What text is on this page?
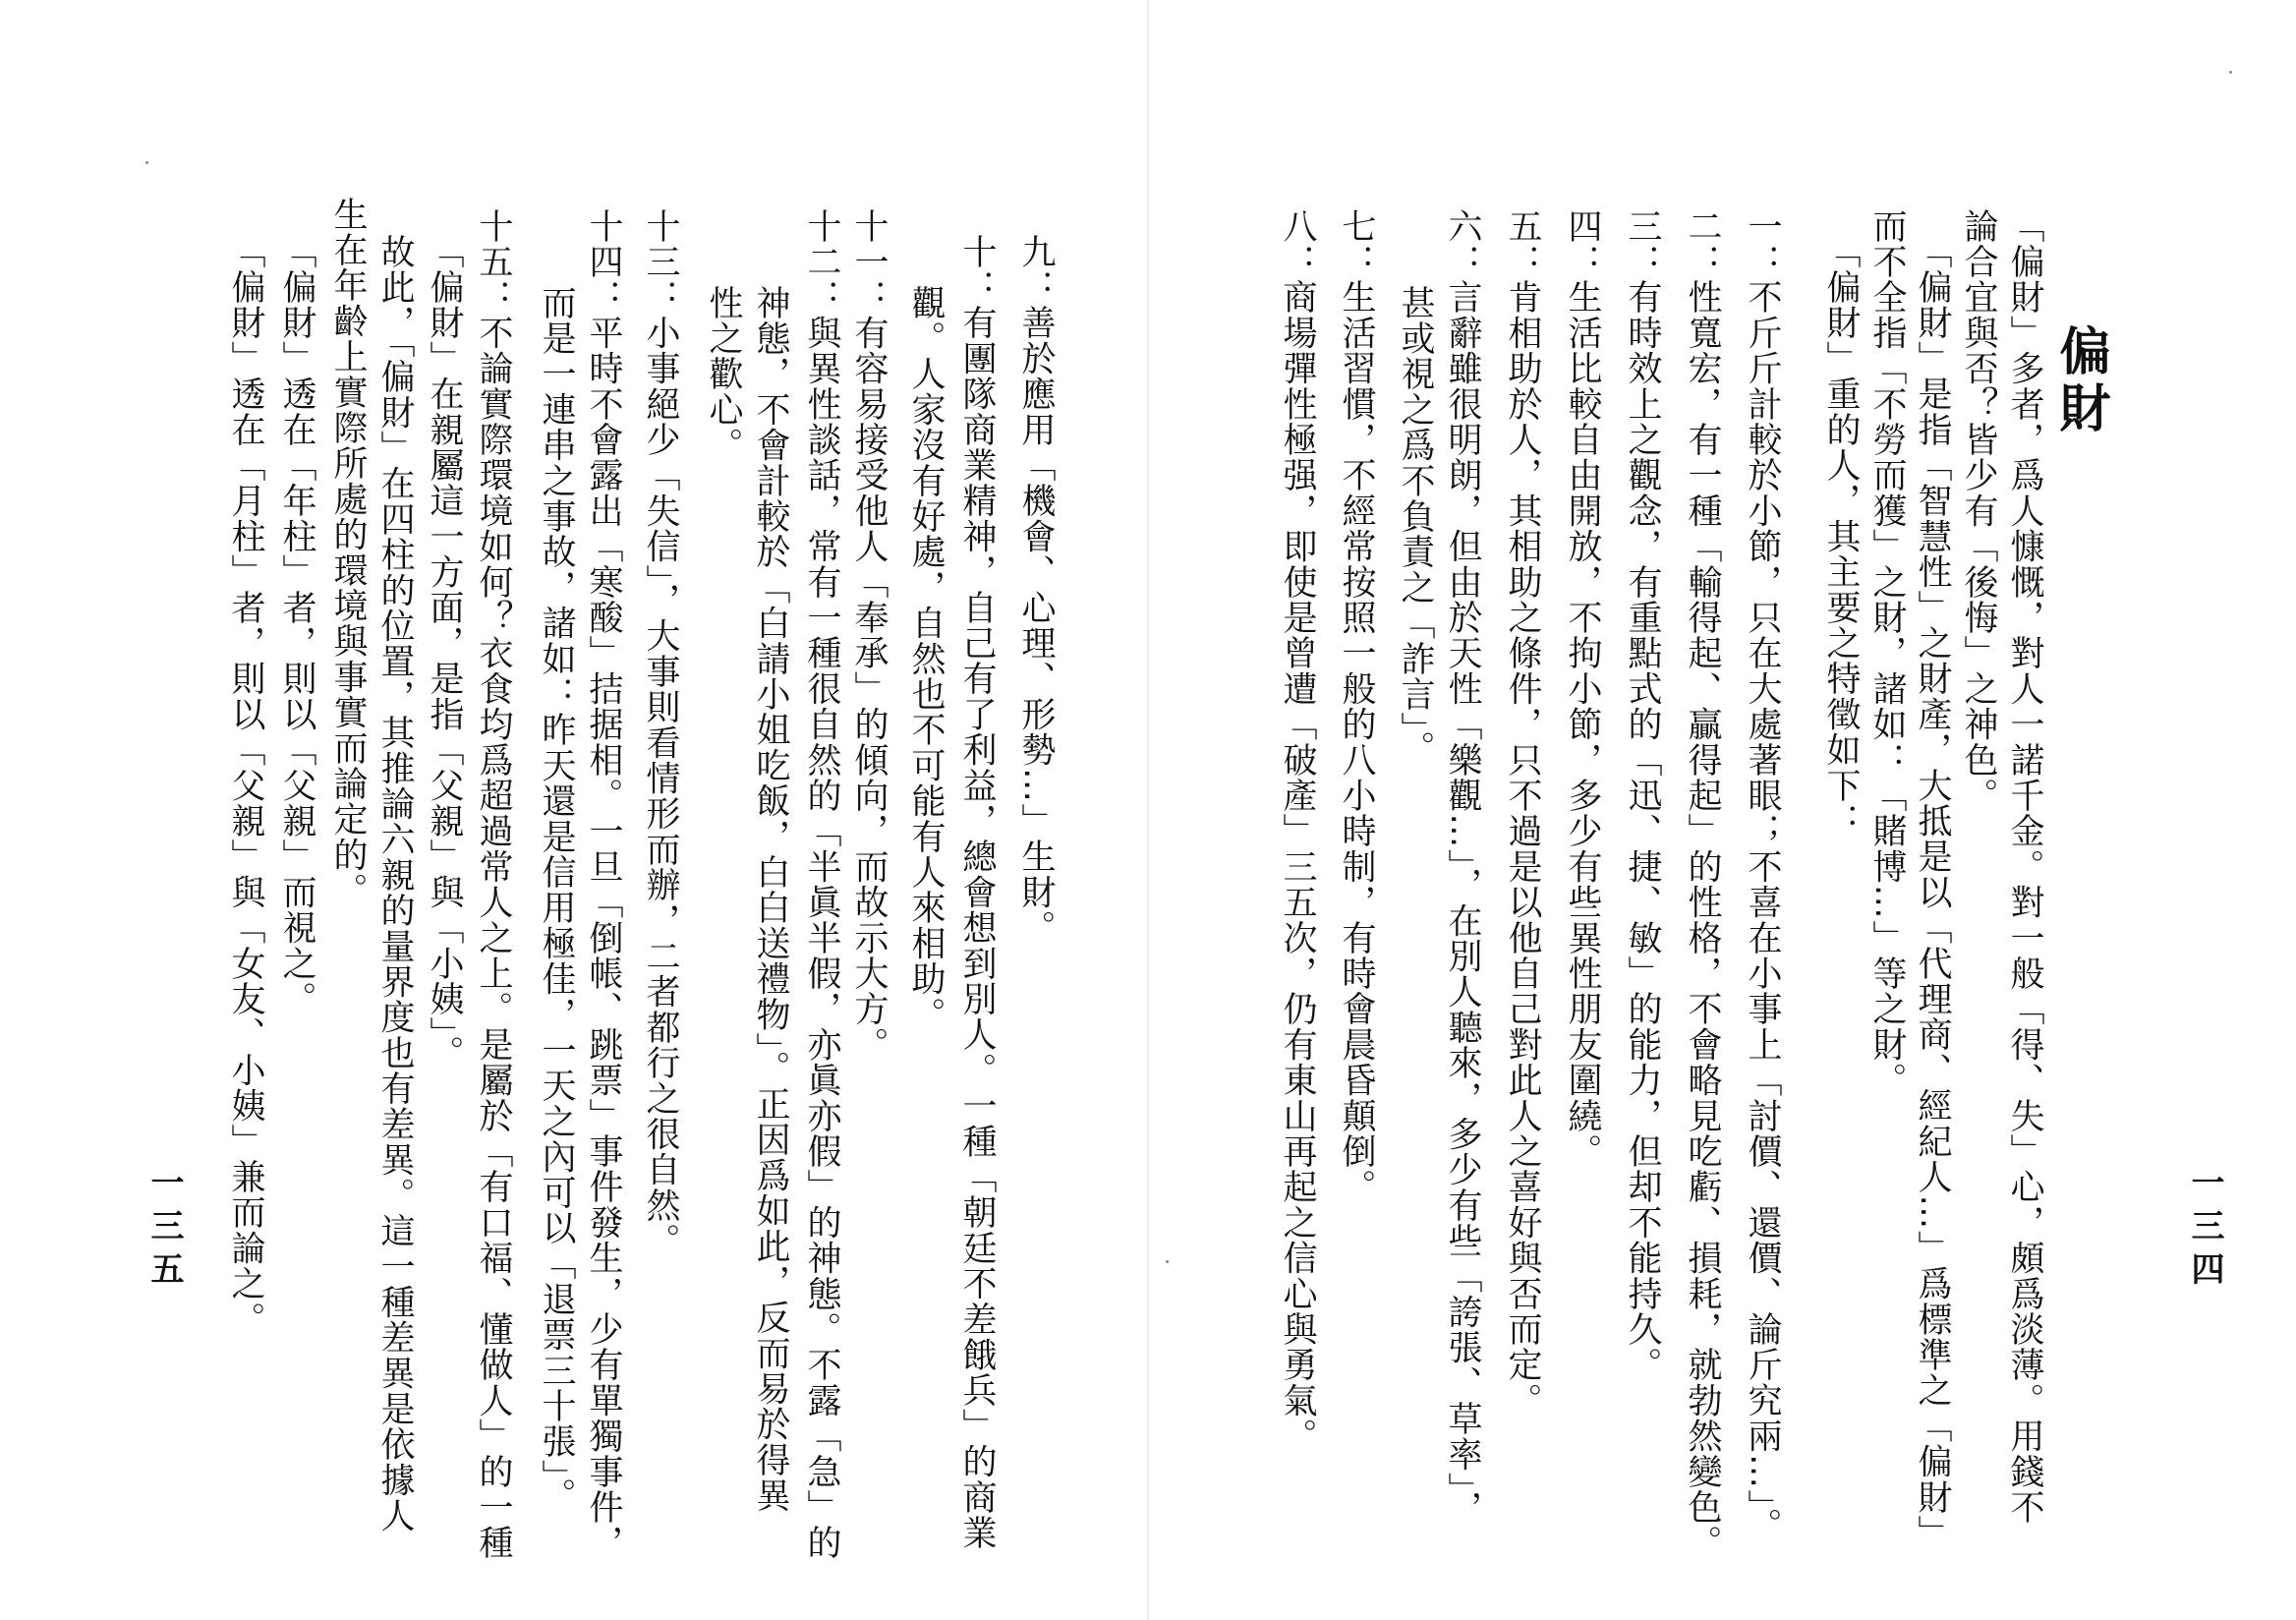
偏財
一三四
「偏財」多者，爲人慷慨，對人一諾千金。對一般「得、失」心，頗爲淡薄。用錢不
論合宜與否？皆少有「後悔」之神色。
「偏財」是指「智慧性」之財產，大抵是以「代理商、經紀人…」爲標準之「偏財」
而不全指「不勞而獲」之財，諸如：「賭博…」等之財。
「偏財」重的人，其主要之特徵如下：
一：不斤斤計較於小節，只在大處著眼；不喜在小事上「討價、還價、論斤究兩…」。
二：性寬宏，有一種「輸得起、贏得起」的性格，不會略見吃虧、損耗，就勃然變色。
三：有時效上之觀念，有重點式的「迅、捷、敏」的能力，但却不能持久。
四：生活比較自由開放，不拘小節，多少有些異性朋友圍繞。
五：肯相助於人，其相助之條件，只不過是以他自己對此人之喜好與否而定。
六：言辭雖很明朗，但由於天性「樂觀…」，在別人聽來，多少有些「誇張、草率」，
甚或視之爲不負責之「詐言」。
七：生活習慣，不經常按照一般的八小時制，有時會晨昏顛倒。
八：商場彈性極强，即使是曾遭「破產」三五次，仍有東山再起之信心與勇氣。
一三五
九：善於應用「機會、心理、形勢…」生財。
十：有團隊商業精神，自己有了利益，總會想到別人。一種「朝廷不差餓兵」的商業
觀。人家沒有好處，自然也不可能有人來相助。
十一：有容易接受他人「奉承」的傾向，而故示大方。
十二：與異性談話，常有一種很自然的「半眞半假，亦眞亦假」的神態。不露「急」的
神態，不會計較於「白請小姐吃飯，白白送禮物」。正因爲如此，反而易於得異
性之歡心。
十三：小事絕少「失信」，大事則看情形而辦，二者都行之很自然。
十四：平時不會露出「寒酸」拮据相。一旦「倒帳、跳票」事件發生，少有單獨事件，
而是一連串之事故，諸如：昨天還是信用極佳，一天之內可以「退票三十張」。
十五：不論實際環境如何？衣食均爲超過常人之上。是屬於「有口福、懂做人」的一種
「偏財」在親屬這一方面，是指「父親」與「小姨」。
故此，「偏財」在四柱的位置，其推論六親的量界度也有差異。這一種差異是依據人
生在年齡上實際所處的環境與事實而論定的。
「偏財」透在「年柱」者，則以「父親」而視之。
「偏財」透在「月柱」者，則以「父親」與「女友、小姨」兼而論之。
